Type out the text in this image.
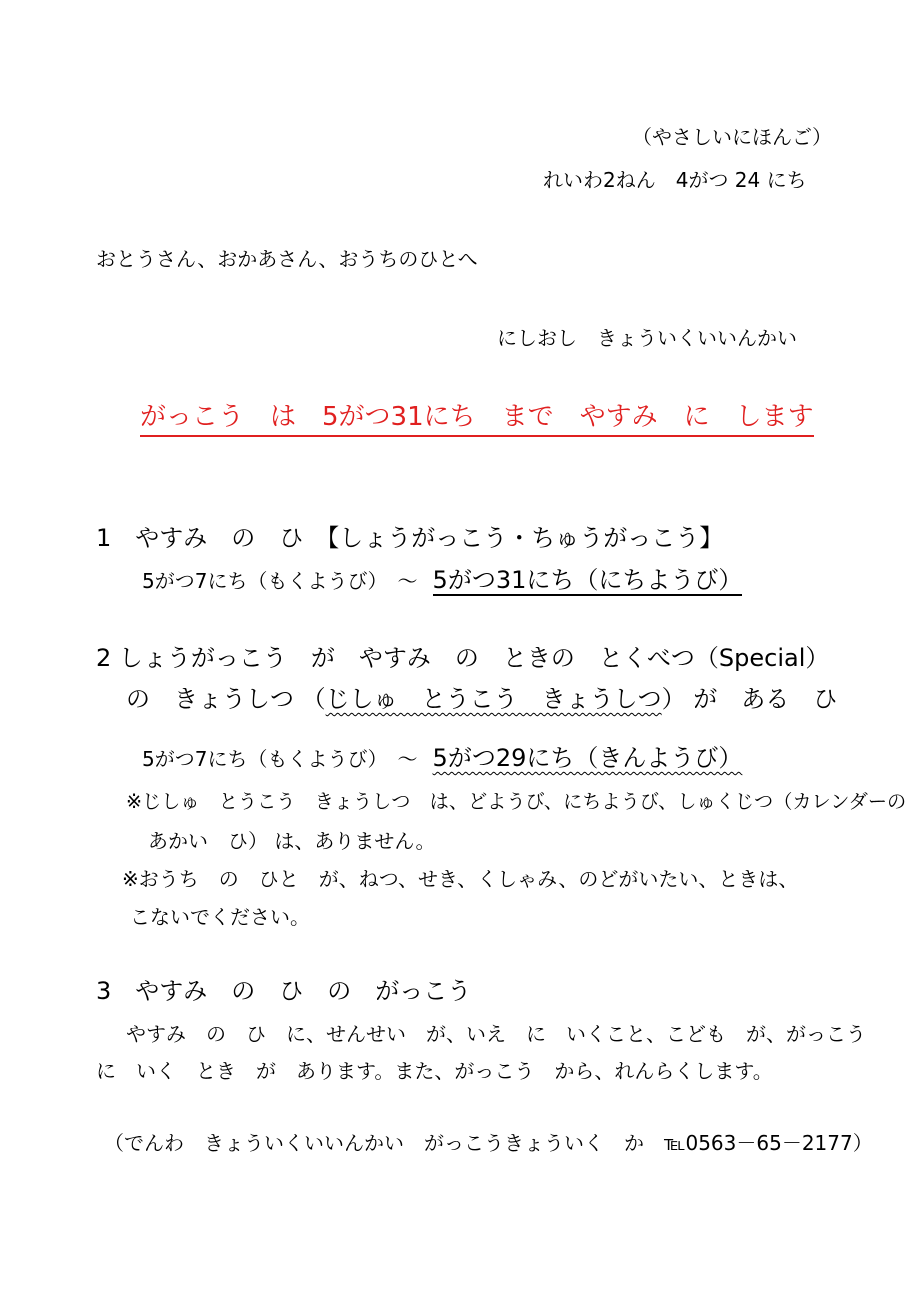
（やさしいにほんご）
れいわ2ねん　4がつ 24 にち
おとうさん、おかあさん、おうちのひとへ
にしおし　きょういくいいんかい
がっこう　は　5がつ31にち　まで　やすみ　に　します
1　やすみ　の　ひ　【しょうがっこう・ちゅうがっこう】
5がつ7にち（もくようび）　～ 5がつ31にち（にちようび）
2 しょうがっこう　が　やすみ　の　ときの　とくべつ（Special）
の　きょうしつ （じしゅ　とうこう　きょうしつ） が　ある　ひ
5がつ7にち（もくようび）　～ 5がつ29にち（きんようび）
※じしゅ　とうこう　きょうしつ　は、どようび、にちようび、しゅくじつ（カレンダーの
あかい　ひ） は、ありません。
※おうち　の　ひと　が、ねつ、せき、くしゃみ、のどがいたい、ときは、
こないでください。
3　やすみ　の　ひ　の　がっこう
やすみ　の　ひ　に、せんせい　が、いえ　に　いくこと、こども　が、がっこう
に　いく　とき　が　あります。また、がっこう　から、れんらくします。
（でんわ　きょういくいいんかい　がっこうきょういく　か　℡0563－65－2177）
